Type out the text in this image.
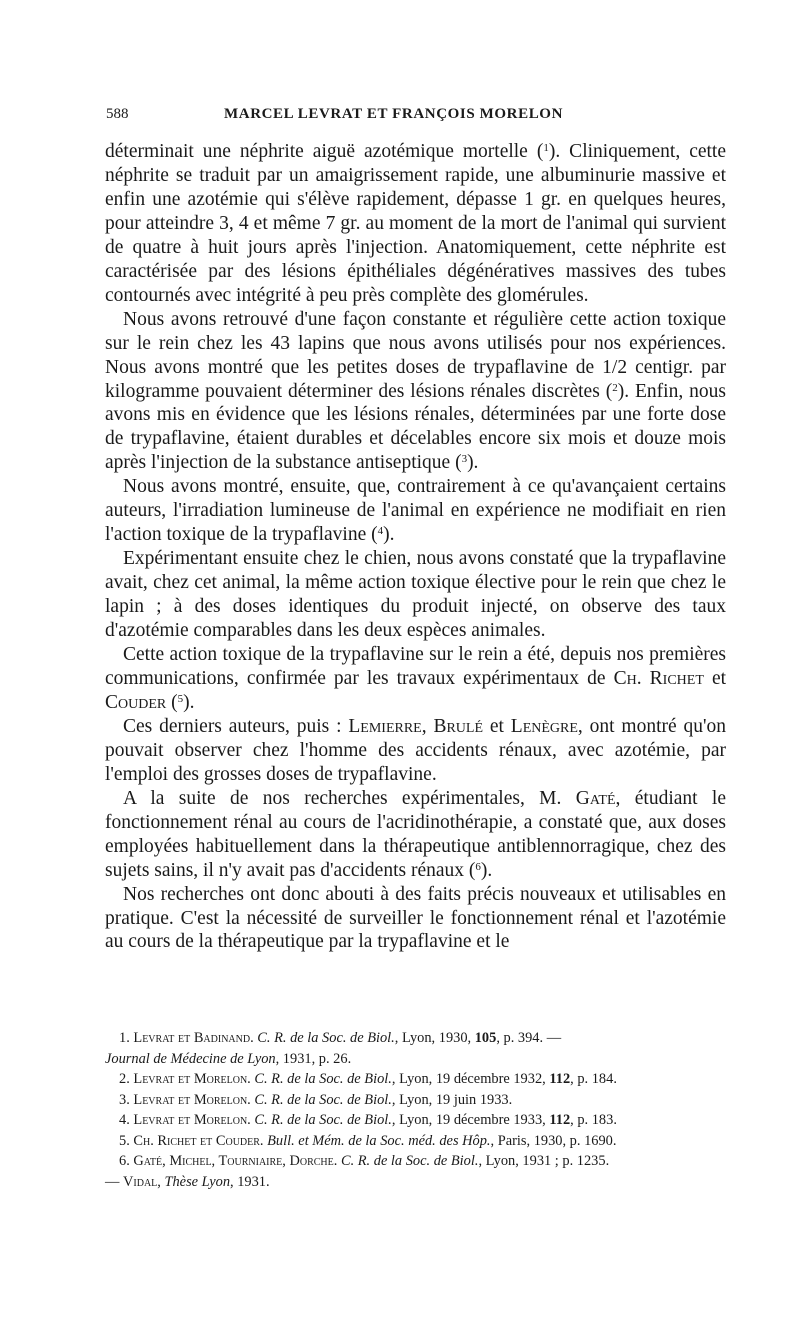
588	MARCEL LEVRAT ET FRANÇOIS MORELON

déterminait une néphrite aiguë azotémique mortelle ($^1$). Cliniquement, cette néphrite se traduit par un amaigrissement rapide, une albuminurie massive et enfin une azotémie qui s'élève rapidement, dépasse 1 gr. en quelques heures, pour atteindre 3, 4 et même 7 gr. au moment de la mort de l'animal qui survient de quatre à huit jours après l'injection. Anatomiquement, cette néphrite est caractérisée par des lésions épithéliales dégénératives massives des tubes contournés avec intégrité à peu près complète des glomérules.

Nous avons retrouvé d'une façon constante et régulière cette action toxique sur le rein chez les 43 lapins que nous avons utilisés pour nos expériences. Nous avons montré que les petites doses de trypaflavine de 1/2 centigr. par kilogramme pouvaient déterminer des lésions rénales discrètes ($^2$). Enfin, nous avons mis en évidence que les lésions rénales, déterminées par une forte dose de trypaflavine, étaient durables et décelables encore six mois et douze mois après l'injection de la substance antiseptique ($^3$).

Nous avons montré, ensuite, que, contrairement à ce qu'avançaient certains auteurs, l'irradiation lumineuse de l'animal en expérience ne modifiait en rien l'action toxique de la trypaflavine ($^4$).

Expérimentant ensuite chez le chien, nous avons constaté que la trypaflavine avait, chez cet animal, la même action toxique élective pour le rein que chez le lapin ; à des doses identiques du produit injecté, on observe des taux d'azotémie comparables dans les deux espèces animales.

Cette action toxique de la trypaflavine sur le rein a été, depuis nos premières communications, confirmée par les travaux expérimentaux de Ch. Richet et Couder ($^5$).

Ces derniers auteurs, puis : Lemierre, Brulé et Lenègre, ont montré qu'on pouvait observer chez l'homme des accidents rénaux, avec azotémie, par l'emploi des grosses doses de trypaflavine.

A la suite de nos recherches expérimentales, M. Gaté, étudiant le fonctionnement rénal au cours de l'acridinothérapie, a constaté que, aux doses employées habituellement dans la thérapeutique antiblennorragique, chez des sujets sains, il n'y avait pas d'accidents rénaux ($^6$).

Nos recherches ont donc abouti à des faits précis nouveaux et utilisables en pratique. C'est la nécessité de surveiller le fonctionnement rénal et l'azotémie au cours de la thérapeutique par la trypaflavine et le

1. Levrat et Badinand. C. R. de la Soc. de Biol., Lyon, 1930, 105, p. 394. —

Journal de Médecine de Lyon, 1931, p. 26.

2. Levrat et Morelon. C. R. de la Soc. de Biol., Lyon, 19 décembre 1932, 112, p. 184.

3. Levrat et Morelon. C. R. de la Soc. de Biol., Lyon, 19 juin 1933.

4. Levrat et Morelon. C. R. de la Soc. de Biol., Lyon, 19 décembre 1933, 112, p. 183.

5. Ch. Richet et Couder. Bull. et Mém. de la Soc. méd. des Hôp., Paris, 1930, p. 1690.

6. Gaté, Michel, Tourniaire, Dorche. C. R. de la Soc. de Biol., Lyon, 1931 ; p. 1235.

— Vidal, Thèse Lyon, 1931.
